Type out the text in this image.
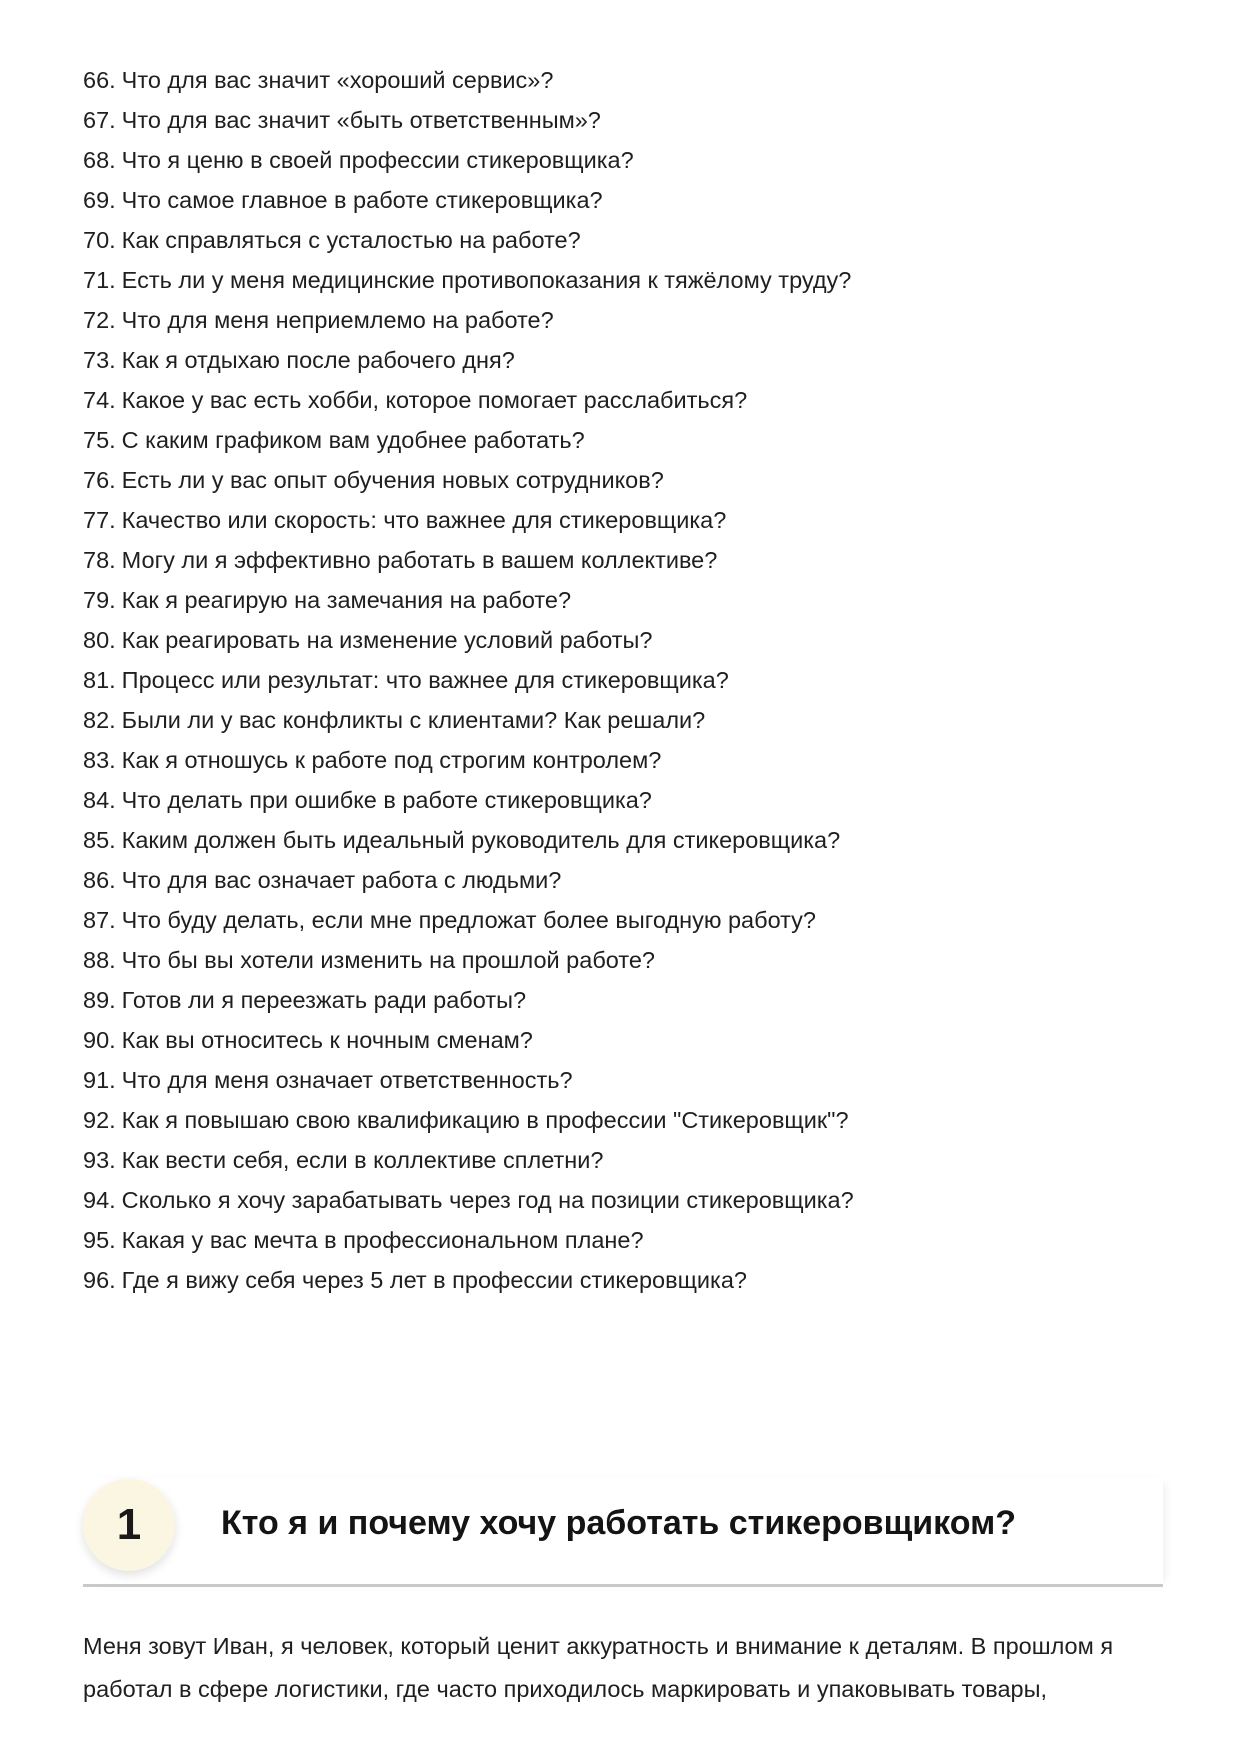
66. Что для вас значит «хороший сервис»?
67. Что для вас значит «быть ответственным»?
68. Что я ценю в своей профессии стикеровщика?
69. Что самое главное в работе стикеровщика?
70. Как справляться с усталостью на работе?
71. Есть ли у меня медицинские противопоказания к тяжёлому труду?
72. Что для меня неприемлемо на работе?
73. Как я отдыхаю после рабочего дня?
74. Какое у вас есть хобби, которое помогает расслабиться?
75. С каким графиком вам удобнее работать?
76. Есть ли у вас опыт обучения новых сотрудников?
77. Качество или скорость: что важнее для стикеровщика?
78. Могу ли я эффективно работать в вашем коллективе?
79. Как я реагирую на замечания на работе?
80. Как реагировать на изменение условий работы?
81. Процесс или результат: что важнее для стикеровщика?
82. Были ли у вас конфликты с клиентами? Как решали?
83. Как я отношусь к работе под строгим контролем?
84. Что делать при ошибке в работе стикеровщика?
85. Каким должен быть идеальный руководитель для стикеровщика?
86. Что для вас означает работа с людьми?
87. Что буду делать, если мне предложат более выгодную работу?
88. Что бы вы хотели изменить на прошлой работе?
89. Готов ли я переезжать ради работы?
90. Как вы относитесь к ночным сменам?
91. Что для меня означает ответственность?
92. Как я повышаю свою квалификацию в профессии "Стикеровщик"?
93. Как вести себя, если в коллективе сплетни?
94. Сколько я хочу зарабатывать через год на позиции стикеровщика?
95. Какая у вас мечта в профессиональном плане?
96. Где я вижу себя через 5 лет в профессии стикеровщика?
1	Кто я и почему хочу работать стикеровщиком?

Меня зовут Иван, я человек, который ценит аккуратность и внимание к деталям. В прошлом я работал в сфере логистики, где часто приходилось маркировать и упаковывать товары,
